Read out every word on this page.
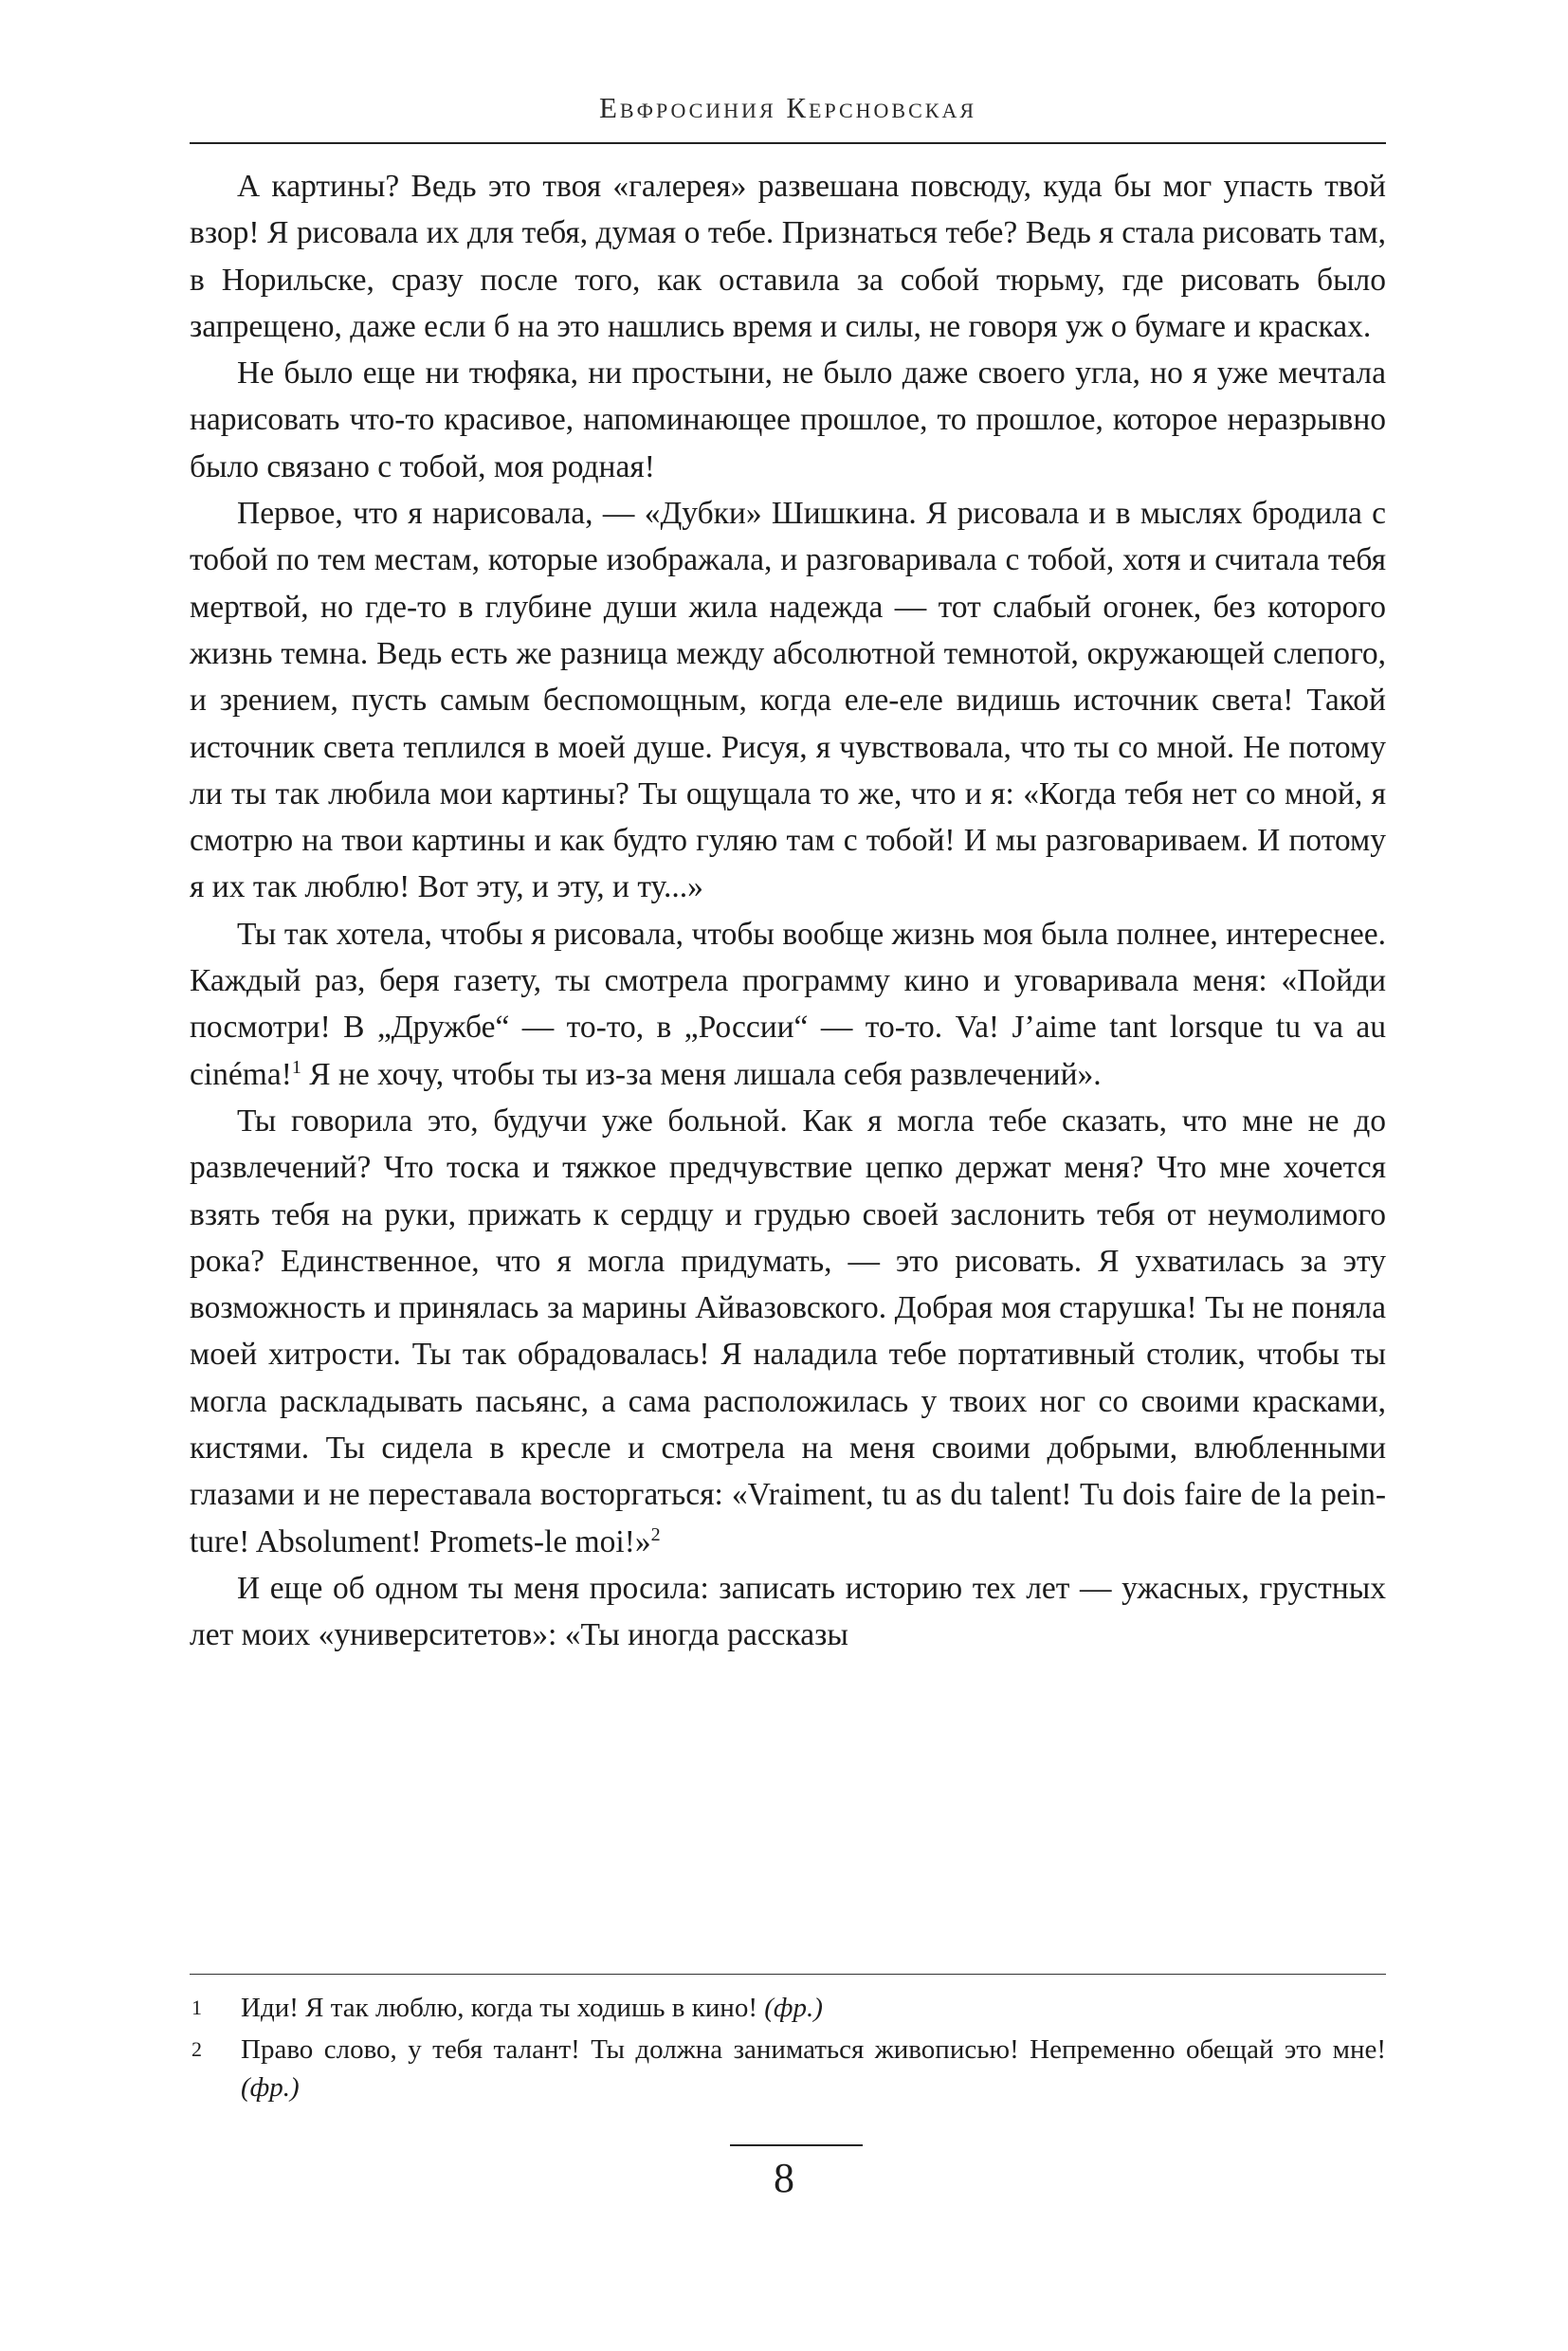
Евфросиния Керсновская

А картины? Ведь это твоя «галерея» развешана повсюду, куда бы мог упасть твой взор! Я рисовала их для тебя, думая о тебе. Признаться тебе? Ведь я стала рисовать там, в Норильске, сразу после того, как оставила за собой тюрьму, где рисовать было запрещено, даже если б на это нашлись время и силы, не говоря уж о бумаге и красках.

Не было еще ни тюфяка, ни простыни, не было даже своего угла, но я уже мечтала нарисовать что-то красивое, напоминающее прошлое, то прошлое, которое неразрывно было связано с тобой, моя родная!

Первое, что я нарисовала, — «Дубки» Шишкина. Я рисовала и в мыслях бродила с тобой по тем местам, которые изображала, и разговаривала с тобой, хотя и считала тебя мертвой, но где-то в глубине души жила надежда — тот слабый огонек, без которого жизнь темна. Ведь есть же разница между абсолютной темнотой, окружающей слепого, и зрением, пусть самым беспомощным, когда еле-еле видишь источник света! Такой источник света теплился в моей душе. Рисуя, я чувствовала, что ты со мной. Не потому ли ты так любила мои картины? Ты ощущала то же, что и я: «Когда тебя нет со мной, я смотрю на твои картины и как будто гуляю там с тобой! И мы разговариваем. И потому я их так люблю! Вот эту, и эту, и ту...»

Ты так хотела, чтобы я рисовала, чтобы вообще жизнь моя была полнее, интереснее. Каждый раз, беря газету, ты смотрела программу кино и уговаривала меня: «Пойди посмотри! В „Дружбе“ — то-то, в „России“ — то-то. Va! J’aime tant lorsque tu va au cinéma!$^1$ Я не хочу, чтобы ты из-за меня лишала себя развлечений».

Ты говорила это, будучи уже больной. Как я могла тебе сказать, что мне не до развлечений? Что тоска и тяжкое предчувствие цепко держат меня? Что мне хочется взять тебя на руки, прижать к сердцу и грудью своей заслонить тебя от неумолимого рока? Единственное, что я могла придумать, — это рисовать. Я ухватилась за эту возможность и принялась за марины Айвазовского. Добрая моя старушка! Ты не поняла моей хитрости. Ты так обрадовалась! Я наладила тебе портативный столик, чтобы ты могла раскладывать пасьянс, а сама расположилась у твоих ног со своими красками, кистями. Ты сидела в кресле и смотрела на меня своими добрыми, влюбленными глазами и не переставала восторгаться: «Vraiment, tu as du talent! Tu dois faire de la peinture! Absolument! Promets-le moi!»$^2$

И еще об одном ты меня просила: записать историю тех лет — ужасных, грустных лет моих «университетов»: «Ты иногда рассказы

1	Иди! Я так люблю, когда ты ходишь в кино! (фр.)
2	Право слово, у тебя талант! Ты должна заниматься живописью! Непременно обещай это мне! (фр.)
8
